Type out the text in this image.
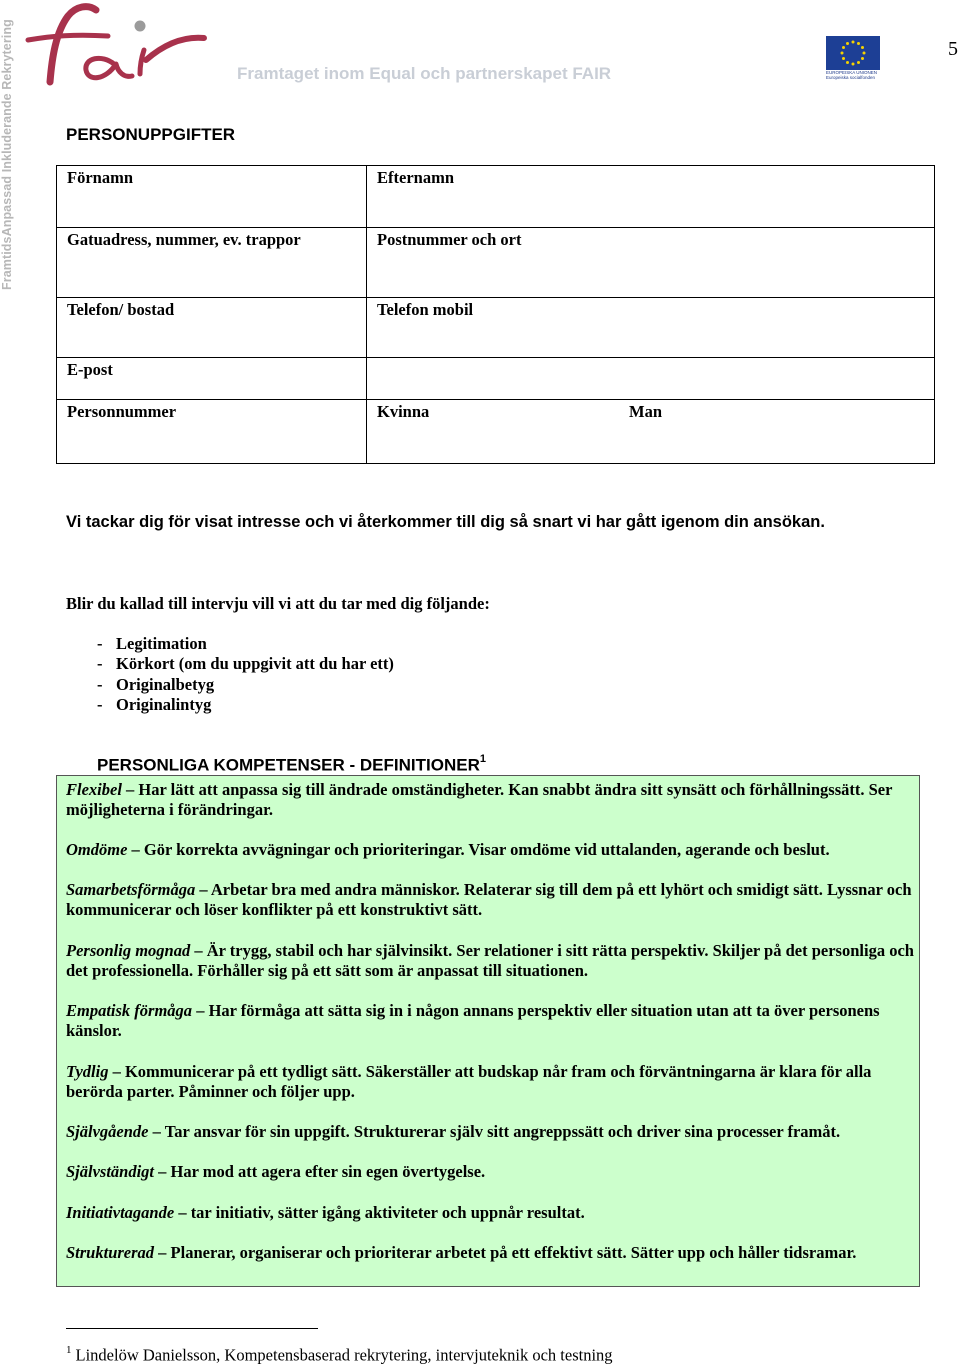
FramtidsAnpassad Inkluderande Rekrytering	Framtaget inom Equal och partnerskapet FAIR	EUROPEISKA UNIONEN
Europeiska socialfonden
5
PERSONUPPGIFTER
Förnamn	Efternamn
Gatuadress, nummer, ev. trappor	Postnummer och ort
Telefon/ bostad	Telefon mobil
E-post	
Personnummer	Kvinna Man
Vi tackar dig för visat intresse och vi återkommer till dig så snart vi har gått igenom din ansökan.
Blir du kallad till intervju vill vi att du tar med dig följande:
- Legitimation
- Körkort (om du uppgivit att du har ett)
- Originalbetyg
- Originalintyg
PERSONLIGA KOMPETENSER - DEFINITIONER$^1$

Flexibel – Har lätt att anpassa sig till ändrade omständigheter. Kan snabbt ändra sitt synsätt och förhållningssätt. Ser möjligheterna i förändringar.

Omdöme – Gör korrekta avvägningar och prioriteringar. Visar omdöme vid uttalanden, agerande och beslut.

Samarbetsförmåga – Arbetar bra med andra människor. Relaterar sig till dem på ett lyhört och smidigt sätt. Lyssnar och kommunicerar och löser konflikter på ett konstruktivt sätt.

Personlig mognad – Är trygg, stabil och har självinsikt. Ser relationer i sitt rätta perspektiv. Skiljer på det personliga och det professionella. Förhåller sig på ett sätt som är anpassat till situationen.

Empatisk förmåga – Har förmåga att sätta sig in i någon annans perspektiv eller situation utan att ta över personens känslor.

Tydlig – Kommunicerar på ett tydligt sätt. Säkerställer att budskap når fram och förväntningarna är klara för alla berörda parter. Påminner och följer upp.

Självgående – Tar ansvar för sin uppgift. Strukturerar själv sitt angreppssätt och driver sina processer framåt.

Självständigt – Har mod att agera efter sin egen övertygelse.

Initiativtagande – tar initiativ, sätter igång aktiviteter och uppnår resultat.

Strukturerad – Planerar, organiserar och prioriterar arbetet på ett effektivt sätt. Sätter upp och håller tidsramar.

$^1$ Lindelöw Danielsson, Kompetensbaserad rekrytering, intervjuteknik och testning
